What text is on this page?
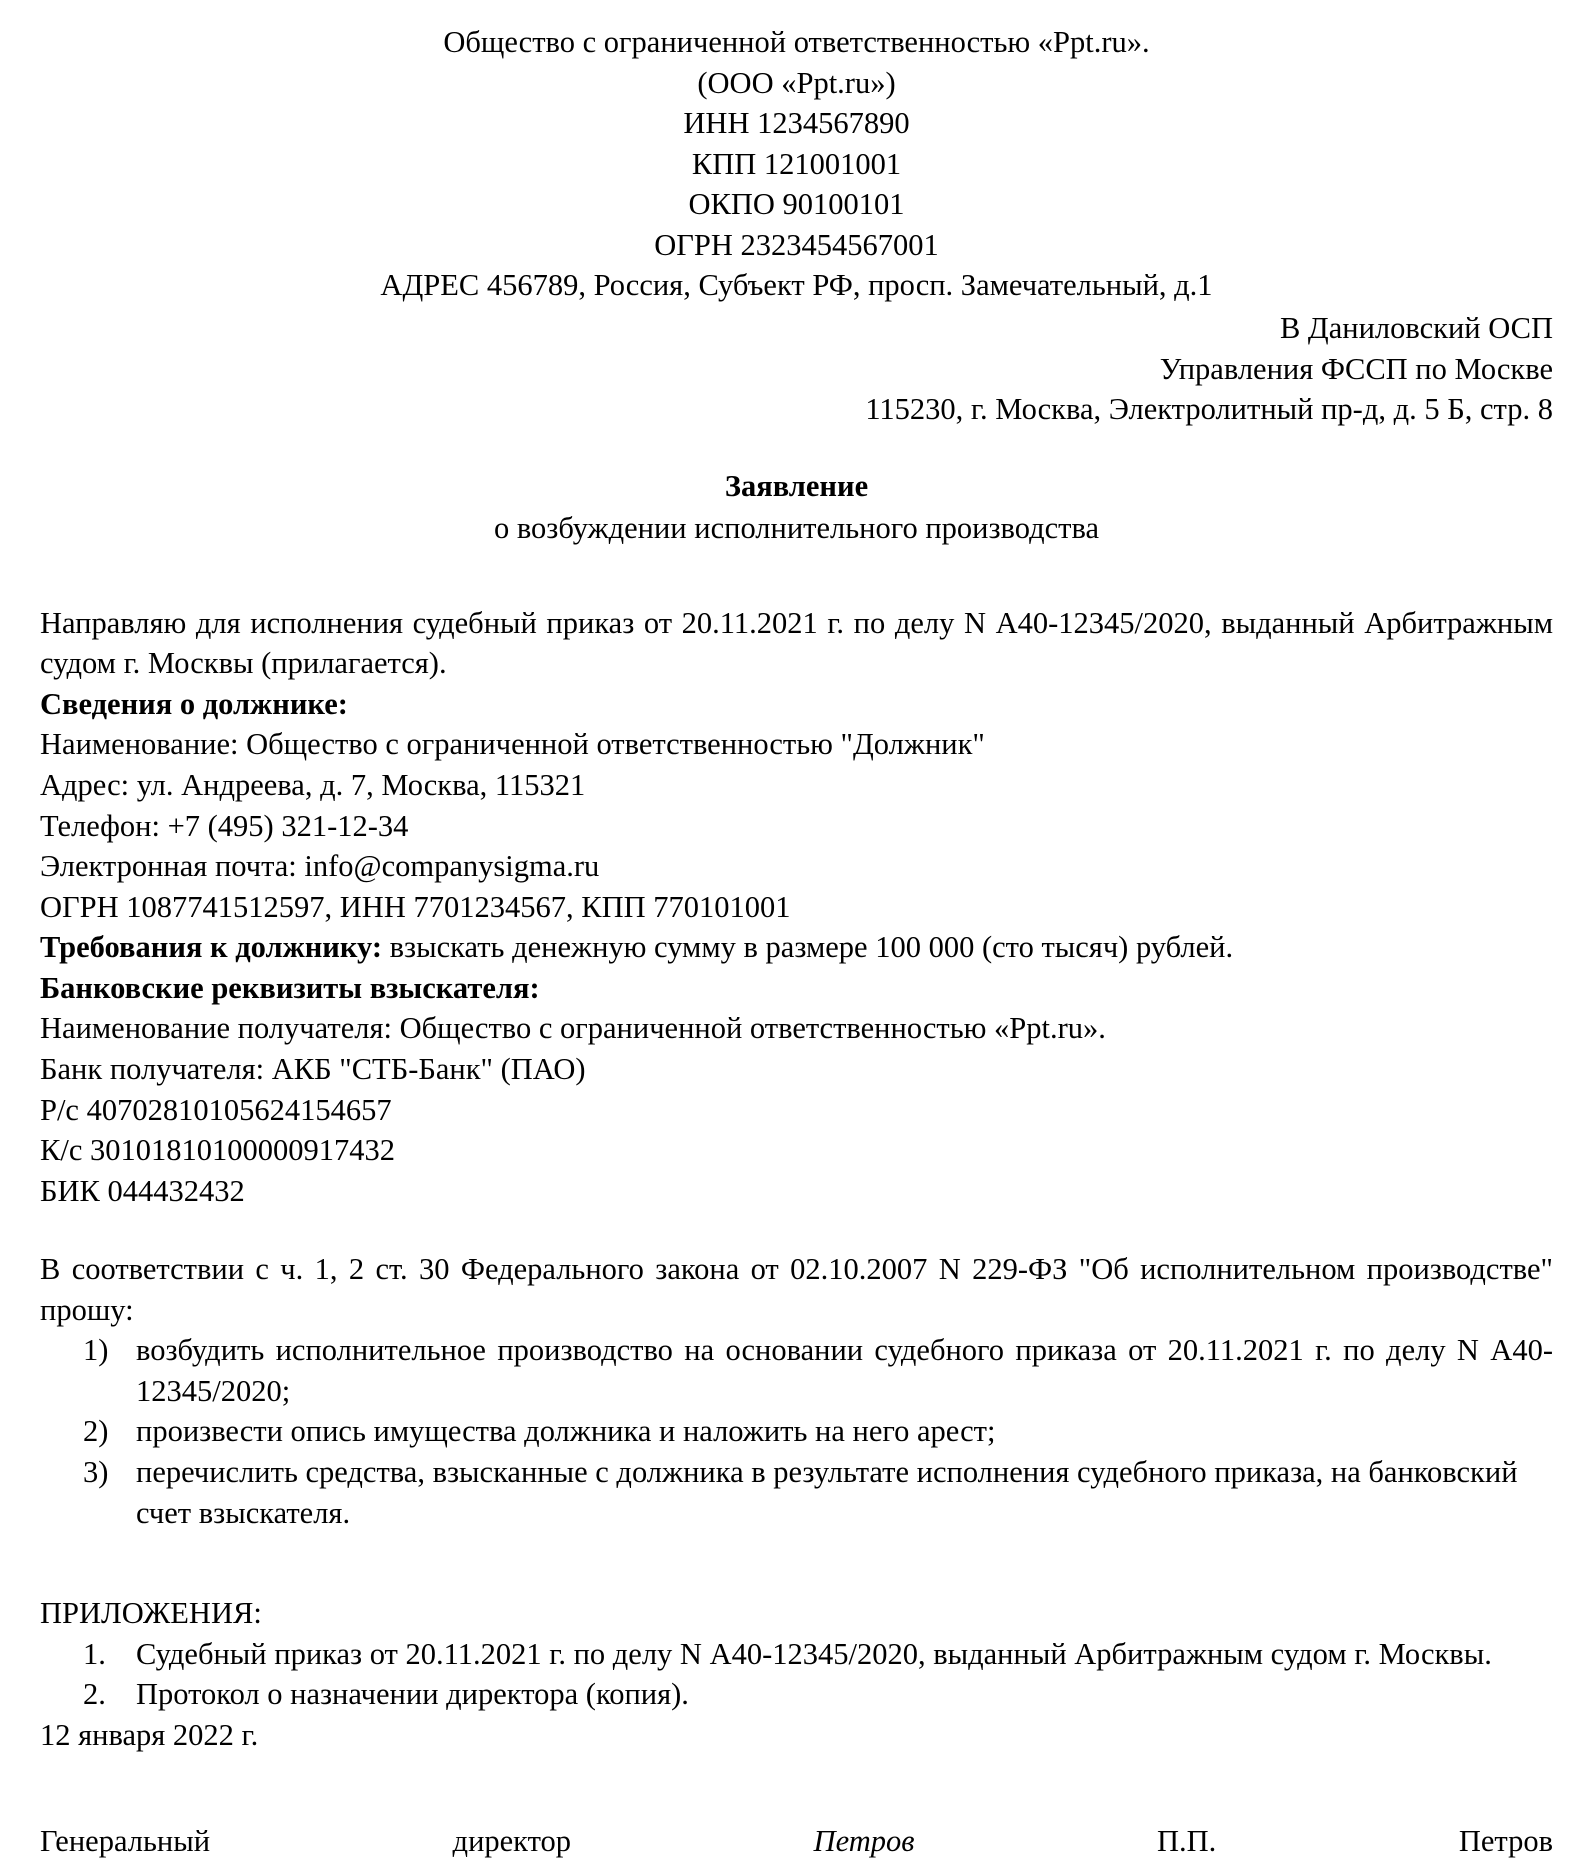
Общество с ограниченной ответственностью «Ppt.ru».
(ООО «Ppt.ru»)
ИНН 1234567890
КПП 121001001
ОКПО 90100101
ОГРН 2323454567001
АДРЕС 456789, Россия, Субъект РФ, просп. Замечательный, д.1
В Даниловский ОСП
Управления ФССП по Москве
115230, г. Москва, Электролитный пр-д, д. 5 Б, стр. 8
Заявление
о возбуждении исполнительного производства

Направляю для исполнения судебный приказ от 20.11.2021 г. по делу N А40-12345/2020, выданный Арбитражным судом г. Москвы (прилагается).

Сведения о должнике:

Наименование: Общество с ограниченной ответственностью "Должник"

Адрес: ул. Андреева, д. 7, Москва, 115321

Телефон: +7 (495) 321-12-34

Электронная почта: info@companysigma.ru

ОГРН 1087741512597, ИНН 7701234567, КПП 770101001

Требования к должнику: взыскать денежную сумму в размере 100 000 (сто тысяч) рублей.

Банковские реквизиты взыскателя:

Наименование получателя: Общество с ограниченной ответственностью «Ppt.ru».

Банк получателя: АКБ "СТБ-Банк" (ПАО)

Р/с 40702810105624154657

К/с 30101810100000917432

БИК 044432432

В соответствии с ч. 1, 2 ст. 30 Федерального закона от 02.10.2007 N 229-ФЗ "Об исполнительном производстве" прошу:

возбудить исполнительное производство на основании судебного приказа от 20.11.2021 г. по делу N А40-12345/2020;
произвести опись имущества должника и наложить на него арест;
перечислить средства, взысканные с должника в результате исполнения судебного приказа, на банковский счет взыскателя.

ПРИЛОЖЕНИЯ:

Судебный приказ от 20.11.2021 г. по делу N А40-12345/2020, выданный Арбитражным судом г. Москвы.
Протокол о назначении директора (копия).

12 января 2022 г.

Генеральный	директор	Петров	П.П.	Петров
